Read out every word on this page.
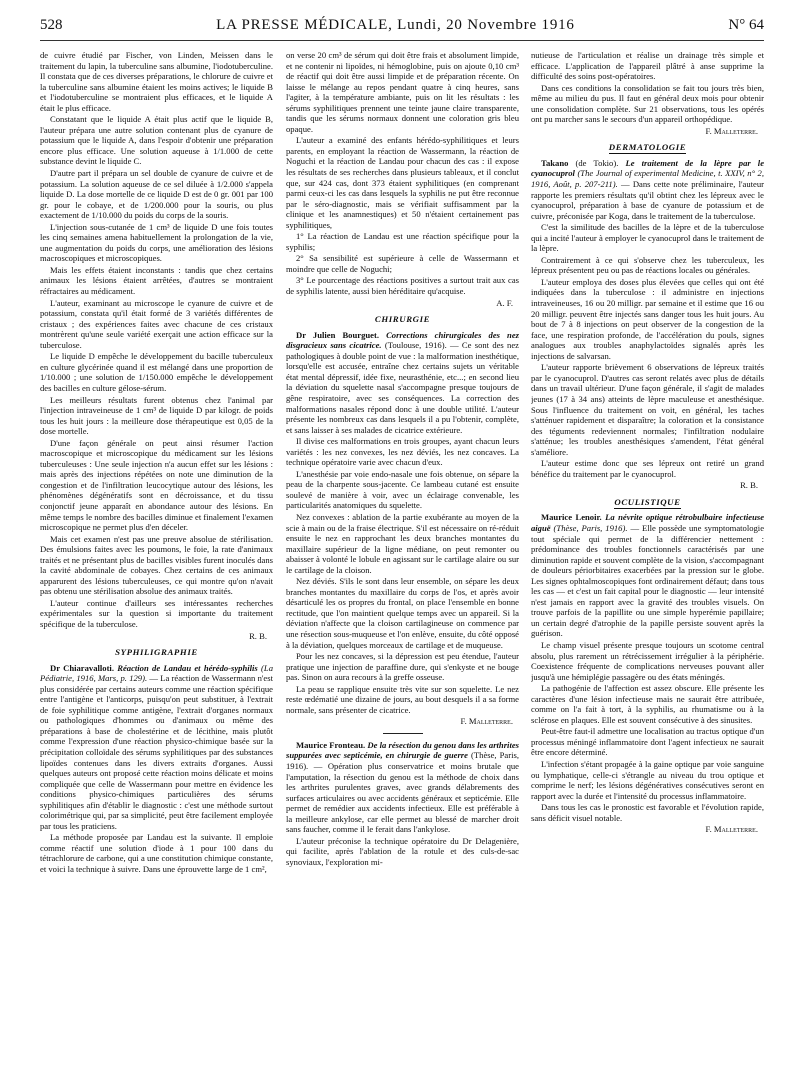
528	LA PRESSE MÉDICALE, Lundi, 20 Novembre 1916	N° 64

de cuivre étudié par Fischer, von Linden, Meissen dans le traitement du lapin, la tuberculine sans albumine, l'iodotuberculine. Il constata que de ces diverses préparations, le chlorure de cuivre et la tuberculine sans albumine étaient les moins actives; le liquide B et l'iodotuberculine se montraient plus efficaces, et le liquide A était le plus efficace.

Constatant que le liquide A était plus actif que le liquide B, l'auteur prépara une autre solution contenant plus de cyanure de potassium que le liquide A, dans l'espoir d'obtenir une préparation encore plus efficace. Une solution aqueuse à 1/1.000 de cette substance devint le liquide C.

D'autre part il prépara un sel double de cyanure de cuivre et de potassium. La solution aqueuse de ce sel diluée à 1/2.000 s'appela liquide D. La dose mortelle de ce liquide D est de 0 gr. 001 par 100 gr. pour le cobaye, et de 1/200.000 pour la souris, ou plus exactement de 1/10.000 du poids du corps de la souris.

L'injection sous-cutanée de 1 cm³ de liquide D une fois toutes les cinq semaines amena habituellement la prolongation de la vie, une augmentation du poids du corps, une amélioration des lésions macroscopiques et microscopiques.

Mais les effets étaient inconstants : tandis que chez certains animaux les lésions étaient arrêtées, d'autres se montraient réfractaires au médicament.

L'auteur, examinant au microscope le cyanure de cuivre et de potassium, constata qu'il était formé de 3 variétés différentes de cristaux ; des expériences faites avec chacune de ces cristaux montrèrent qu'une seule variété exerçait une action efficace sur la tuberculose.

Le liquide D empêche le développement du bacille tuberculeux en culture glycérinée quand il est mélangé dans une proportion de 1/10.000 ; une solution de 1/150.000 empêche le développement des bacilles en culture gélose-sérum.

Les meilleurs résultats furent obtenus chez l'animal par l'injection intraveineuse de 1 cm³ de liquide D par kilogr. de poids tous les huit jours : la meilleure dose thérapeutique est 0,05 de la dose mortelle.

D'une façon générale on peut ainsi résumer l'action macroscopique et microscopique du médicament sur les lésions tuberculeuses : Une seule injection n'a aucun effet sur les lésions : mais après des injections répétées on note une diminution de la congestion et de l'infiltration leucocytique autour des lésions, les phénomènes dégénératifs sont en décroissance, et du tissu conjonctif jeune apparaît en abondance autour des lésions. En même temps le nombre des bacilles diminue et finalement l'examen microscopique ne permet plus d'en déceler.

Mais cet examen n'est pas une preuve absolue de stérilisation. Des émulsions faites avec les poumons, le foie, la rate d'animaux traités et ne présentant plus de bacilles visibles furent inoculés dans la cavité abdominale de cobayes. Chez certains de ces animaux apparurent des lésions tuberculeuses, ce qui montre qu'on n'avait pas obtenu une stérilisation absolue des animaux traités.

L'auteur continue d'ailleurs ses intéressantes recherches expérimentales sur la question si importante du traitement spécifique de la tuberculose.

R. B.
SYPHILIGRAPHIE

Dr Chiaravalloti. Réaction de Landau et hérédo-syphilis (La Pédiatrie, 1916, Mars, p. 129). — La réaction de Wassermann n'est plus considérée par certains auteurs comme une réaction spécifique entre l'antigène et l'anticorps, puisqu'on peut substituer, à l'extrait de foie syphilitique comme antigène, l'extrait d'organes normaux ou pathologiques d'hommes ou d'animaux ou même des préparations à base de cholestérine et de lécithine, mais plutôt comme l'expression d'une réaction physico-chimique basée sur la précipitation colloïdale des sérums syphilitiques par des substances lipoïdes contenues dans les divers extraits d'organes. Aussi quelques auteurs ont proposé cette réaction moins délicate et moins compliquée que celle de Wassermann pour mettre en évidence les conditions physico-chimiques particulières des sérums syphilitiques afin d'établir le diagnostic : c'est une méthode surtout colorimétrique qui, par sa simplicité, peut être facilement employée par tous les praticiens.

La méthode proposée par Landau est la suivante. Il emploie comme réactif une solution d'iode à 1 pour 100 dans du tétrachlorure de carbone, qui a une constitution chimique constante, et voici la technique à suivre. Dans une éprouvette large de 1 cm²,

on verse 20 cm³ de sérum qui doit être frais et absolument limpide, et ne contenir ni lipoïdes, ni hémoglobine, puis on ajoute 0,10 cm³ de réactif qui doit être aussi limpide et de préparation récente. On laisse le mélange au repos pendant quatre à cinq heures, sans l'agiter, à la température ambiante, puis on lit les résultats : les sérums syphilitiques prennent une teinte jaune claire transparente, tandis que les sérums normaux donnent une coloration gris bleu opaque.

L'auteur a examiné des enfants hérédo-syphilitiques et leurs parents, en employant la réaction de Wassermann, la réaction de Noguchi et la réaction de Landau pour chacun des cas : il expose les résultats de ses recherches dans plusieurs tableaux, et il conclut que, sur 424 cas, dont 373 étaient syphilitiques (en comprenant parmi ceux-ci les cas dans lesquels la syphilis ne put être reconnue par le séro-diagnostic, mais se vérifiait suffisamment par la clinique et les anamnestiques) et 50 n'étaient certainement pas syphilitiques,

1° La réaction de Landau est une réaction spécifique pour la syphilis;

2° Sa sensibilité est supérieure à celle de Wassermann et moindre que celle de Noguchi;

3° Le pourcentage des réactions positives a surtout trait aux cas de syphilis latente, aussi bien héréditaire qu'acquise.

A. F.
CHIRURGIE

Dr Julien Bourguet. Corrections chirurgicales des nez disgracieux sans cicatrice. (Toulouse, 1916). — Ce sont des nez pathologiques à double point de vue : la malformation inesthétique, lorsqu'elle est accusée, entraîne chez certains sujets un véritable état mental dépressif, idée fixe, neurasthénie, etc...; en second lieu la déviation du squelette nasal s'accompagne presque toujours de gêne respiratoire, avec ses conséquences. La correction des malformations nasales répond donc à une double utilité. L'auteur présente les nombreux cas dans lesquels il a pu l'obtenir, complète, et sans laisser à ses malades de cicatrice extérieure.

Il divise ces malformations en trois groupes, ayant chacun leurs variétés : les nez convexes, les nez déviés, les nez concaves. La technique opératoire varie avec chacun d'eux.

L'anesthésie par voie endo-nasale une fois obtenue, on sépare la peau de la charpente sous-jacente. Ce lambeau cutané est ensuite soulevé de manière à voir, avec un éclairage convenable, les particularités anatomiques du squelette.

Nez convexes : ablation de la partie exubérante au moyen de la scie à main ou de la fraise électrique. S'il est nécessaire on ré-réduit ensuite le nez en rapprochant les deux branches montantes du maxillaire supérieur de la ligne médiane, on peut remonter ou abaisser à volonté le lobule en agissant sur le cartilage alaire ou sur le cartilage de la cloison.

Nez déviés. S'ils le sont dans leur ensemble, on sépare les deux branches montantes du maxillaire du corps de l'os, et après avoir désarticulé les os propres du frontal, on place l'ensemble en bonne rectitude, que l'on maintient quelque temps avec un appareil. Si la déviation n'affecte que la cloison cartilagineuse on commence par une résection sous-muqueuse et l'on enlève, ensuite, du côté opposé à la déviation, quelques morceaux de cartilage et de muqueuse.

Pour les nez concaves, si la dépression est peu étendue, l'auteur pratique une injection de paraffine dure, qui s'enkyste et ne bouge pas. Sinon on aura recours à la greffe osseuse.

La peau se rapplique ensuite très vite sur son squelette. Le nez reste œdématié une dizaine de jours, au bout desquels il a sa forme normale, sans présenter de cicatrice.

F. Malleterre.

Maurice Fronteau. De la résection du genou dans les arthrites suppurées avec septicémie, en chirurgie de guerre (Thèse, Paris, 1916). — Opération plus conservatrice et moins brutale que l'amputation, la résection du genou est la méthode de choix dans les arthrites purulentes graves, avec grands délabrements des surfaces articulaires ou avec accidents généraux et septicémie. Elle permet de remédier aux accidents infectieux. Elle est préférable à la meilleure ankylose, car elle permet au blessé de marcher droit sans faucher, comme il le ferait dans l'ankylose.

L'auteur préconise la technique opératoire du Dr Delagenière, qui facilite, après l'ablation de la rotule et des culs-de-sac synoviaux, l'exploration mi-

nutieuse de l'articulation et réalise un drainage très simple et efficace. L'application de l'appareil plâtré à anse supprime la difficulté des soins post-opératoires.

Dans ces conditions la consolidation se fait tou jours très bien, même au milieu du pus. Il faut en général deux mois pour obtenir une consolidation complète. Sur 21 observations, tous les opérés ont pu marcher sans le secours d'un appareil orthopédique.

F. Malleterre.
DERMATOLOGIE

Takano (de Tokio). Le traitement de la lèpre par le cyanocuprol (The Journal of experimental Medicine, t. XXIV, n° 2, 1916, Août, p. 207-211). — Dans cette note préliminaire, l'auteur rapporte les premiers résultats qu'il obtint chez les lépreux avec le cyanocuprol, préparation à base de cyanure de potassium et de cuivre, préconisée par Koga, dans le traitement de la tuberculose.

C'est la similitude des bacilles de la lèpre et de la tuberculose qui a incité l'auteur à employer le cyanocuprol dans le traitement de la lèpre.

Contrairement à ce qui s'observe chez les tuberculeux, les lépreux présentent peu ou pas de réactions locales ou générales.

L'auteur employa des doses plus élevées que celles qui ont été indiquées dans la tuberculose : il administre en injections intraveineuses, 16 ou 20 milligr. par semaine et il estime que 16 ou 20 milligr. peuvent être injectés sans danger tous les huit jours. Au bout de 7 à 8 injections on peut observer de la congestion de la face, une respiration profonde, de l'accélération du pouls, signes analogues aux troubles anaphylactoïdes signalés après les injections de salvarsan.

L'auteur rapporte brièvement 6 observations de lépreux traités par le cyanocuprol. D'autres cas seront relatés avec plus de détails dans un travail ultérieur. D'une façon générale, il s'agit de malades jeunes (17 à 34 ans) atteints de lèpre maculeuse et anesthésique. Sous l'influence du traitement on voit, en général, les taches s'atténuer rapidement et disparaître; la coloration et la consistance des téguments redeviennent normales; l'infiltration nodulaire s'atténue; les troubles anesthésiques s'amendent, l'état général s'améliore.

L'auteur estime donc que ses lépreux ont retiré un grand bénéfice du traitement par le cyanocuprol.

R. B.
OCULISTIQUE

Maurice Lenoir. La névrite optique rétrobulbaire infectieuse aiguë (Thèse, Paris, 1916). — Elle possède une symptomatologie tout spéciale qui permet de la différencier nettement : prédominance des troubles fonctionnels caractérisés par une diminution rapide et souvent complète de la vision, s'accompagnant de douleurs périorbitaires exacerbées par la pression sur le globe. Les signes ophtalmoscopiques font ordinairement défaut; dans tous les cas — et c'est un fait capital pour le diagnostic — leur intensité n'est jamais en rapport avec la gravité des troubles visuels. On trouve parfois de la papillite ou une simple hyperémie papillaire; un certain degré d'atrophie de la papille persiste souvent après la guérison.

Le champ visuel présente presque toujours un scotome central absolu, plus rarement un rétrécissement irrégulier à la périphérie. Coexistence fréquente de complications nerveuses pouvant aller jusqu'à une hémiplégie passagère ou des états méningés.

La pathogénie de l'affection est assez obscure. Elle présente les caractères d'une lésion infectieuse mais ne saurait être attribuée, comme on l'a fait à tort, à la syphilis, au rhumatisme ou à la sclérose en plaques. Elle est souvent consécutive à des sinusites.

Peut-être faut-il admettre une localisation au tractus optique d'un processus méningé inflammatoire dont l'agent infectieux ne saurait être encore déterminé.

L'infection s'étant propagée à la gaine optique par voie sanguine ou lymphatique, celle-ci s'étrangle au niveau du trou optique et comprime le nerf; les lésions dégénératives consécutives seront en rapport avec la durée et l'intensité du processus inflammatoire.

Dans tous les cas le pronostic est favorable et l'évolution rapide, sans déficit visuel notable.

F. Malleterre.
